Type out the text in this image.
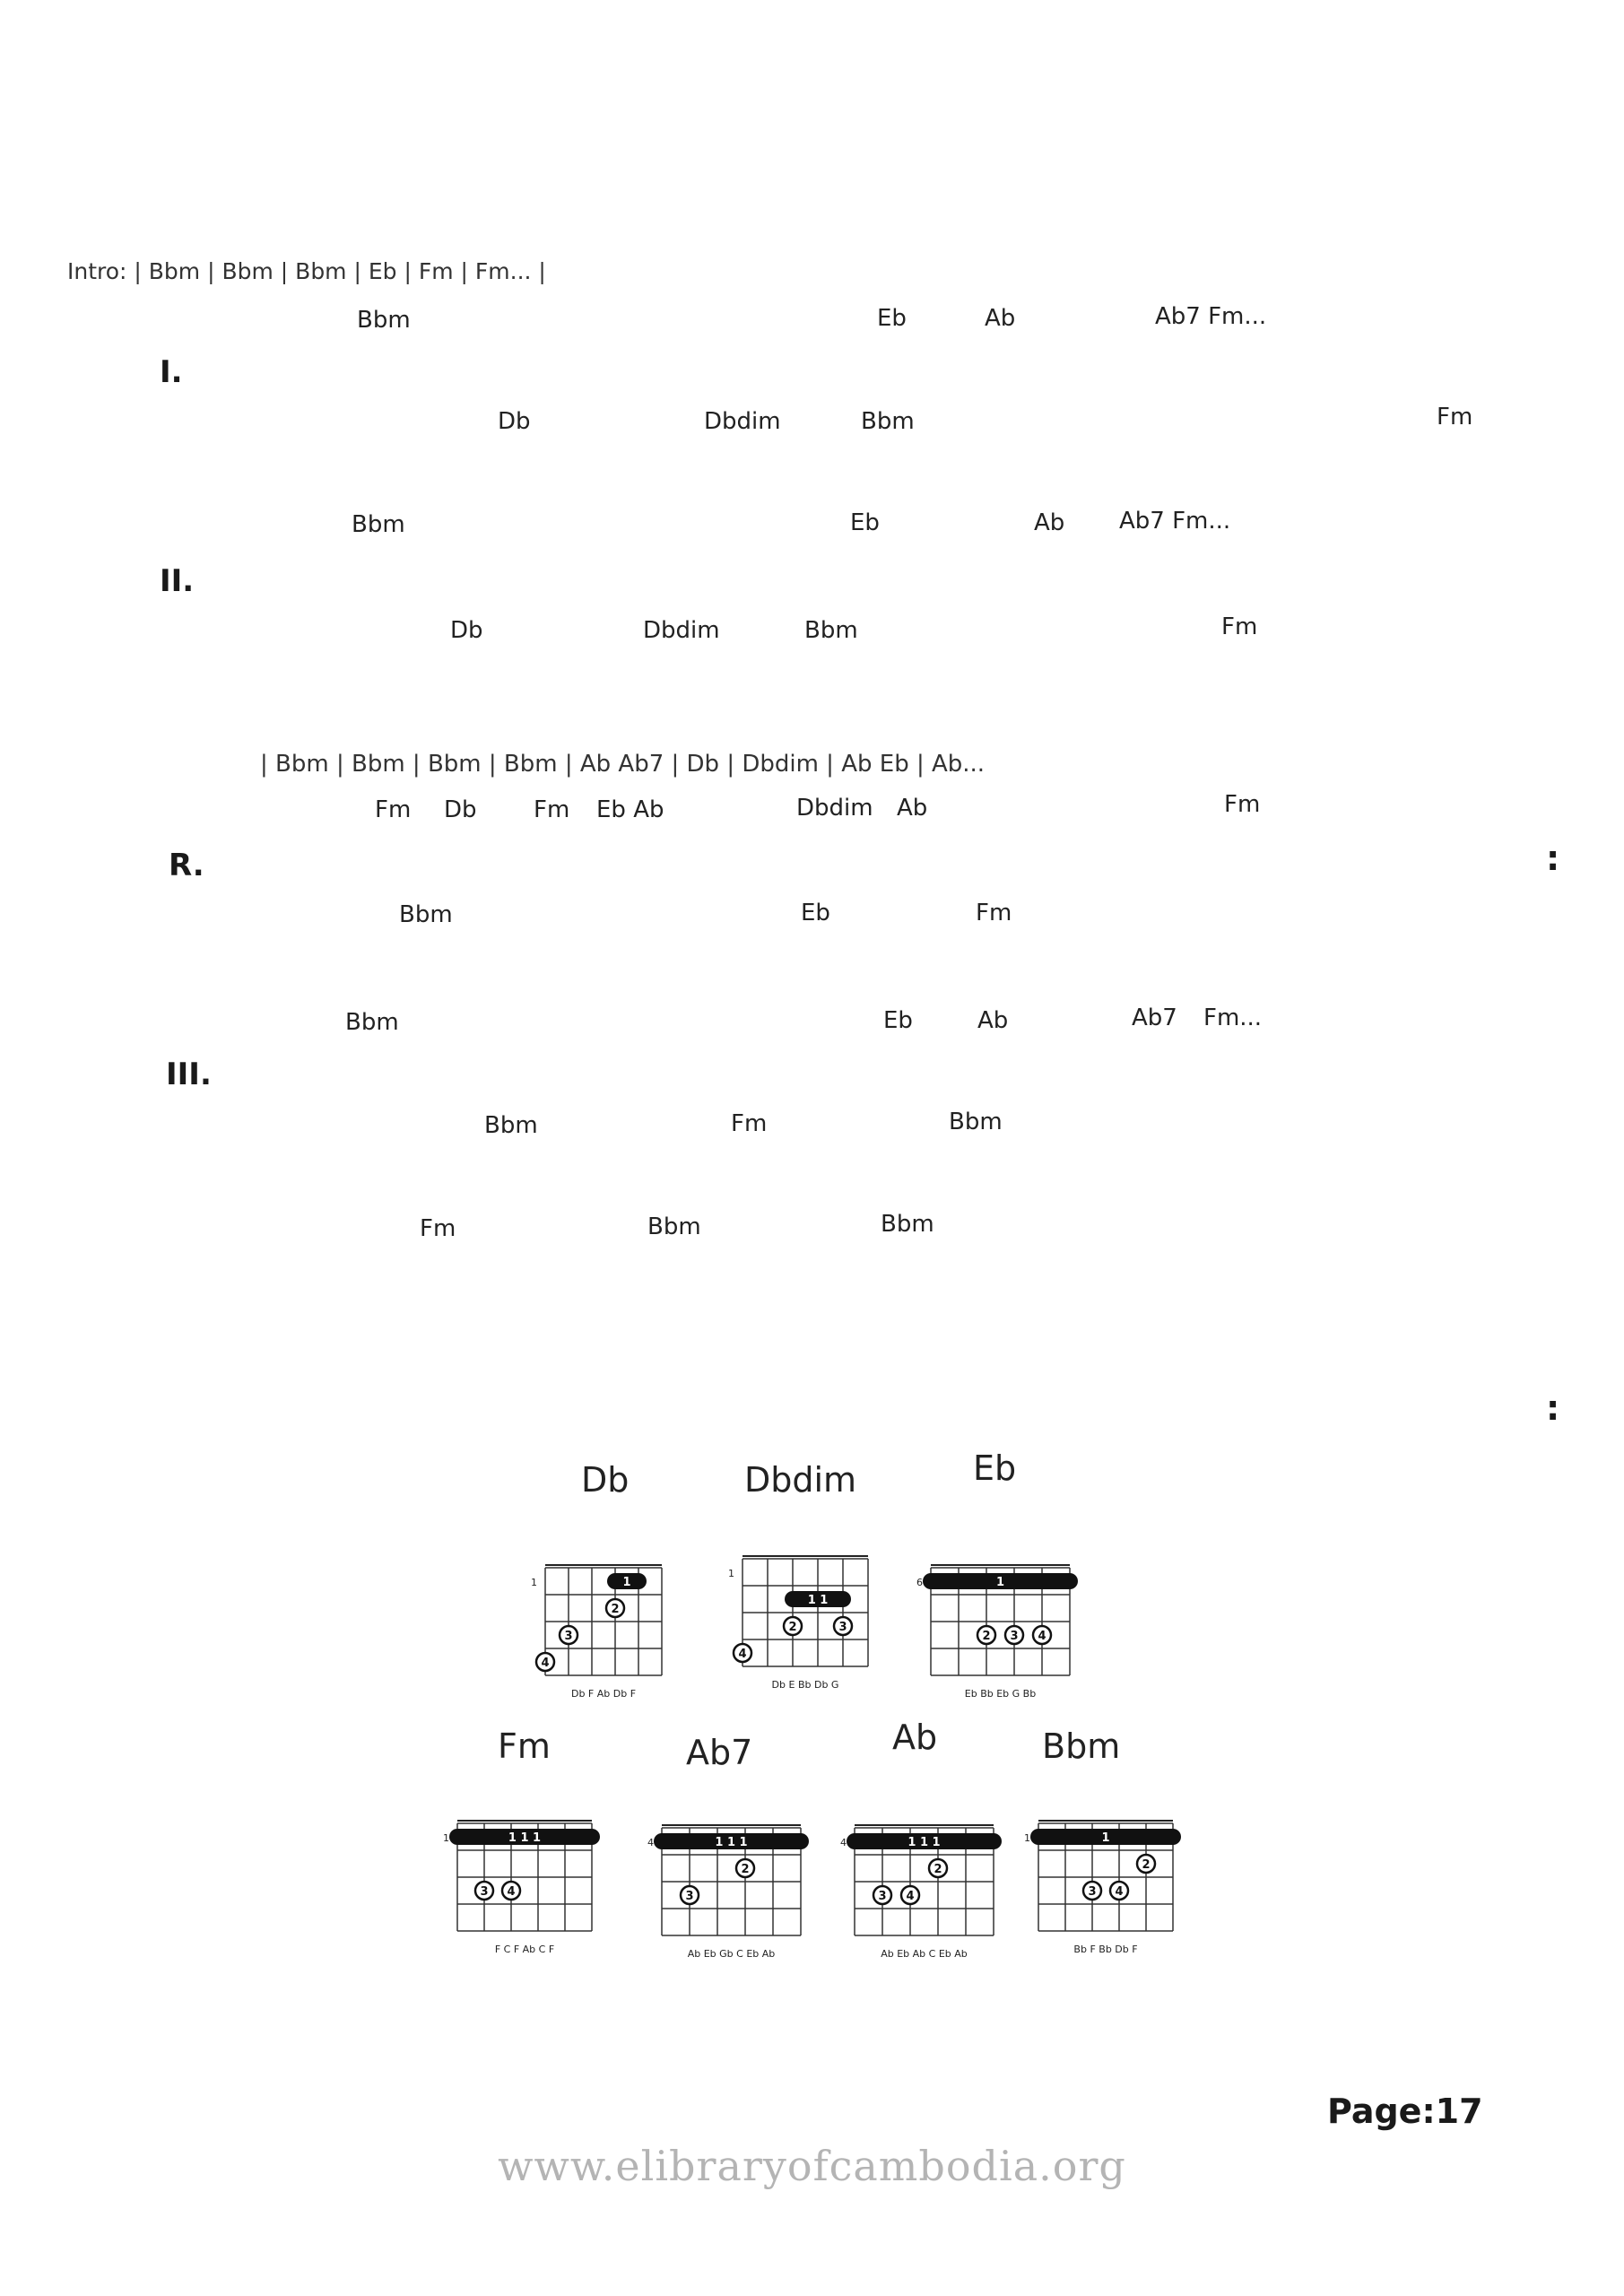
Intro: | Bbm | Bbm | Bbm | Eb | Fm | Fm... |
I.
Bbm	Eb	Ab	Ab7 Fm...
Db	Dbdim	Bbm	Fm
II.
Bbm	Eb	Ab Ab7 Fm...
Db	Dbdim	Bbm	Fm
| Bbm | Bbm | Bbm | Bbm | Ab Ab7 | Db | Dbdim | Ab Eb | Ab...
R.
Fm Db Fm Eb Ab	Dbdim Ab	Fm
Bbm	Eb	Fm
III.
Bbm	Eb	Ab	Ab7 Fm...
Bbm	Fm	Bbm
Fm	Bbm	Bbm
Db
1	1
2
3
4
Db F Ab Db F
Dbdim
1
1 1
2	3
4
Db E Bb Db G
Eb
6	1
2 3 4
Eb Bb Eb G Bb
Fm
1	1 1 1
3 4
F C F Ab C F
Ab7
4	1 1 1
2
3
Ab Eb Gb C Eb Ab
Ab
4	1 1 1
2
3 4
Ab Eb Ab C Eb Ab
Bbm
1	1
2
3 4
Bb F Bb Db F
:
:
Page:17
www.elibraryofcambodia.org
